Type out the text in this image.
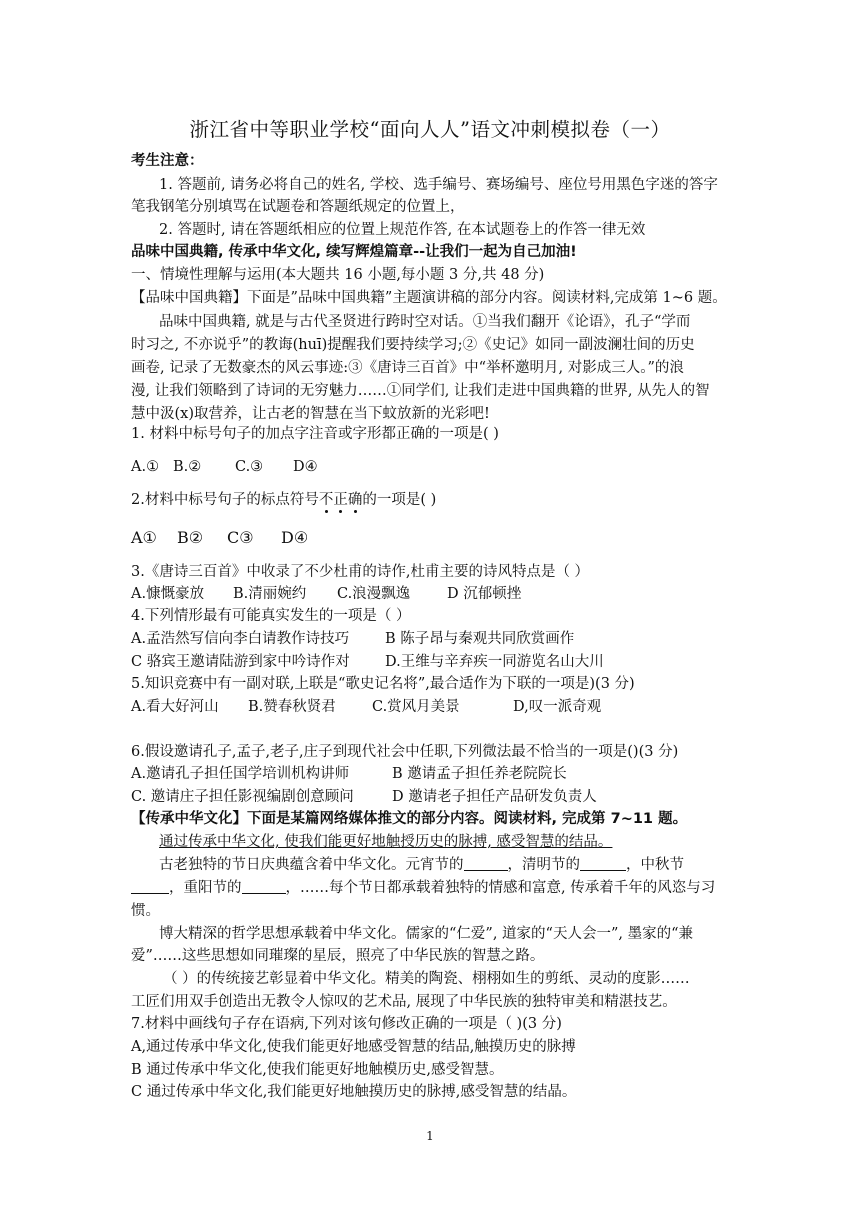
浙江省中等职业学校“面向人人”语文冲刺模拟卷（一）
考生注意：
1. 答题前, 请务必将自己的姓名, 学校、选手编号、赛场编号、座位号用黑色字迷的答字
笔我钢笔分别填骂在试题卷和答题纸规定的位置上，
2. 答题时, 请在答题纸相应的位置上规范作答, 在本试题卷上的作答一律无效
品味中国典籍, 传承中华文化, 续写辉煌篇章--让我们一起为自己加油!
一、情境性理解与运用(本大题共 16 小题,每小题 3 分,共 48 分)
【品味中国典籍】下面是”品味中国典籍”主题演讲稿的部分内容。阅读材料,完成第 1~6 题。
品味中国典籍, 就是与古代圣贤进行跨时空对话。①当我们翻开《论语》，孔子“学而
时习之, 不亦说乎”的教诲(huī)提醒我们要持续学习;②《史记》如同一副波澜壮间的历史
画卷, 记录了无数豪杰的风云事迹:③《唐诗三百首》中“举杯邀明月, 对影成三人。”的浪
漫, 让我们领略到了诗词的无穷魅力……①同学们, 让我们走进中国典籍的世界, 从先人的智
慧中汲(x)取营养，让古老的智慧在当下蚊放新的光彩吧!
1. 材料中标号句子的加点字注音或字形都正确的一项是( )
A.① B.② C.③ D④
2.材料中标号句子的标点符号不正确的一项是( )
A① B② C③ D④
3.《唐诗三百首》中收录了不少杜甫的诗作,杜甫主要的诗风特点是（ ）
A.慷慨豪放 B.清丽婉约 C.浪漫飘逸	D 沉郁顿挫
4.下列情形最有可能真实发生的一项是（ ）
A.孟浩然写信向李白请教作诗技巧 B 陈子昂与秦观共同欣赏画作
C 骆宾王邀请陆游到家中吟诗作对 D.王维与辛弃疾一同游览名山大川
5.知识竞赛中有一副对联,上联是“歌史记名将”,最合适作为下联的一项是)(3 分)
A.看大好河山 B.赞春秋贤君 C.赏风月美景	D,叹一派奇观
6.假设邀请孔子,孟子,老子,庄子到现代社会中任职,下列微法最不恰当的一项是()(3 分)
A.邀请孔子担任国学培训机构讲师	B 邀请孟子担任养老院院长
C. 邀请庄子担任影视编剧创意顾问	D 邀请老子担任产品研发负责人
【传承中华文化】下面是某篇网络媒体推文的部分内容。阅读材料, 完成第 7~11 题。
通过传承中华文化, 使我们能更好地触授历史的脉搏, 感受智慧的结品。
古老独特的节日庆典蕴含着中华文化。元宵节的	，清明节的	，中秋节
，重阳节的	，……每个节日都承载着独特的情感和富意, 传承着千年的风恣与习
惯。
博大精深的哲学思想承载着中华文化。儒家的“仁爱”, 道家的“天人会一”, 墨家的“兼
爱”……这些思想如同璀璨的星辰，照亮了中华民族的智慧之路。
（ ）的传统接艺彰显着中华文化。精美的陶瓷、栩栩如生的剪纸、灵动的度影……
工匠们用双手创造出无教令人惊叹的艺术品, 展现了中华民族的独特审美和精湛技艺。
7.材料中画线句子存在语病,下列对该句修改正确的一项是（ )(3 分)
A,通过传承中华文化,使我们能更好地感受智慧的结品,触摸历史的脉搏
B 通过传承中华文化,使我们能更好地触模历史,感受智慧。
C 通过传承中华文化,我们能更好地触摸历史的脉搏,感受智慧的结晶。
1
